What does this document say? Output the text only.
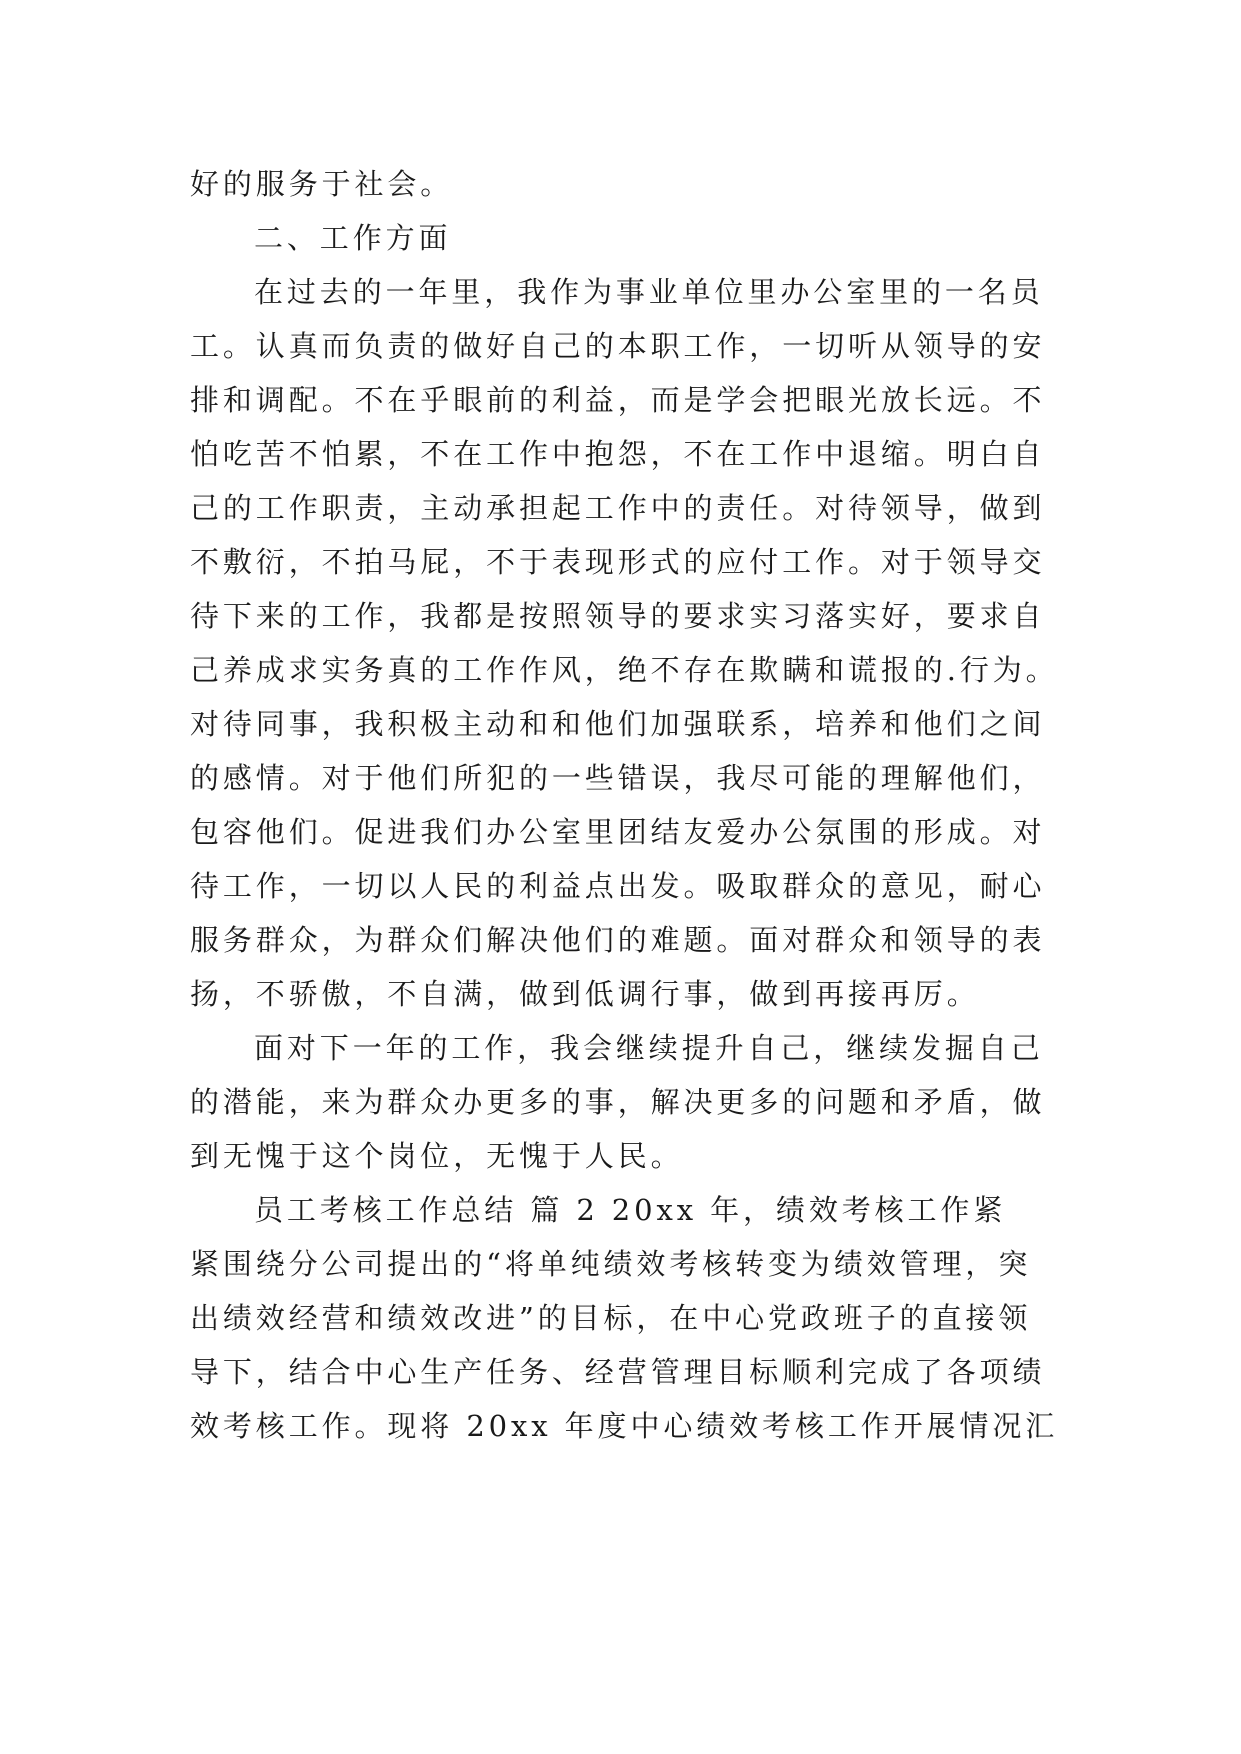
好的服务于社会。
二、工作方面
在过去的一年里，我作为事业单位里办公室里的一名员
工。认真而负责的做好自己的本职工作，一切听从领导的安
排和调配。不在乎眼前的利益，而是学会把眼光放长远。不
怕吃苦不怕累，不在工作中抱怨，不在工作中退缩。明白自
己的工作职责，主动承担起工作中的责任。对待领导，做到
不敷衍，不拍马屁，不于表现形式的应付工作。对于领导交
待下来的工作，我都是按照领导的要求实习落实好，要求自
己养成求实务真的工作作风，绝不存在欺瞒和谎报的.行为。
对待同事，我积极主动和和他们加强联系，培养和他们之间
的感情。对于他们所犯的一些错误，我尽可能的理解他们，
包容他们。促进我们办公室里团结友爱办公氛围的形成。对
待工作，一切以人民的利益点出发。吸取群众的意见，耐心
服务群众，为群众们解决他们的难题。面对群众和领导的表
扬，不骄傲，不自满，做到低调行事，做到再接再厉。
面对下一年的工作，我会继续提升自己，继续发掘自己
的潜能，来为群众办更多的事，解决更多的问题和矛盾，做
到无愧于这个岗位，无愧于人民。
员工考核工作总结 篇 2 20xx 年，绩效考核工作紧
紧围绕分公司提出的“将单纯绩效考核转变为绩效管理，突
出绩效经营和绩效改进”的目标，在中心党政班子的直接领
导下，结合中心生产任务、经营管理目标顺利完成了各项绩
效考核工作。现将 20xx 年度中心绩效考核工作开展情况汇
